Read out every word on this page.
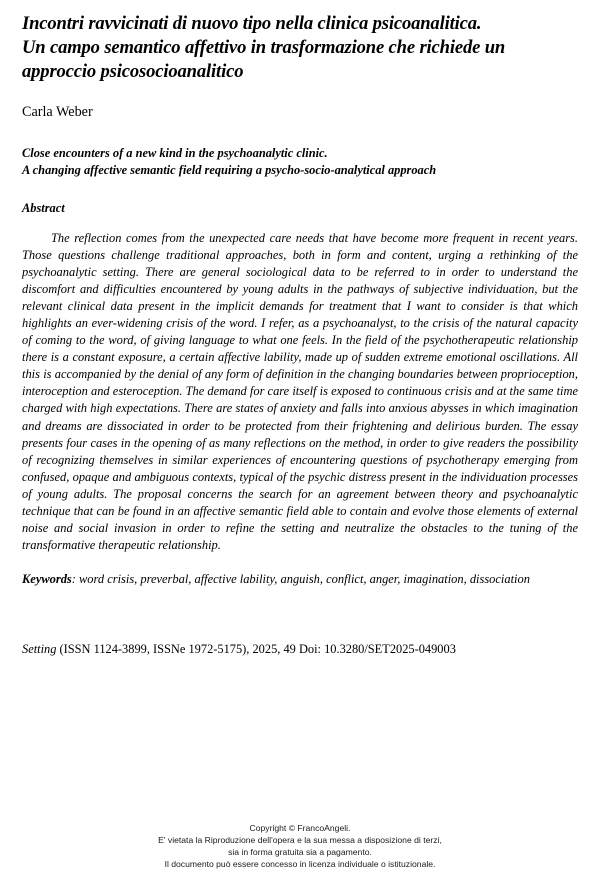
Incontri ravvicinati di nuovo tipo nella clinica psicoanalitica.
Un campo semantico affettivo in trasformazione che richiede un approccio psicosocioanalitico
Carla Weber
Close encounters of a new kind in the psychoanalytic clinic.
A changing affective semantic field requiring a psycho-socio-analytical approach
Abstract
The reflection comes from the unexpected care needs that have become more frequent in recent years. Those questions challenge traditional approaches, both in form and content, urging a rethinking of the psychoanalytic setting. There are general sociological data to be referred to in order to understand the discomfort and difficulties encountered by young adults in the pathways of subjective individuation, but the relevant clinical data present in the implicit demands for treatment that I want to consider is that which highlights an ever-widening crisis of the word. I refer, as a psychoanalyst, to the crisis of the natural capacity of coming to the word, of giving language to what one feels. In the field of the psychotherapeutic relationship there is a constant exposure, a certain affective lability, made up of sudden extreme emotional oscillations. All this is accompanied by the denial of any form of definition in the changing boundaries between proprioception, interoception and esteroception. The demand for care itself is exposed to continuous crisis and at the same time charged with high expectations. There are states of anxiety and falls into anxious abysses in which imagination and dreams are dissociated in order to be protected from their frightening and delirious burden. The essay presents four cases in the opening of as many reflections on the method, in order to give readers the possibility of recognizing themselves in similar experiences of encountering questions of psychotherapy emerging from confused, opaque and ambiguous contexts, typical of the psychic distress present in the individuation processes of young adults. The proposal concerns the search for an agreement between theory and psychoanalytic technique that can be found in an affective semantic field able to contain and evolve those elements of external noise and social invasion in order to refine the setting and neutralize the obstacles to the tuning of the transformative therapeutic relationship.
Keywords: word crisis, preverbal, affective lability, anguish, conflict, anger, imagination, dissociation
Setting (ISSN 1124-3899, ISSNe 1972-5175), 2025, 49 Doi: 10.3280/SET2025-049003
Copyright © FrancoAngeli.
E' vietata la Riproduzione dell'opera e la sua messa a disposizione di terzi,
sia in forma gratuita sia a pagamento.
Il documento può essere concesso in licenza individuale o istituzionale.
